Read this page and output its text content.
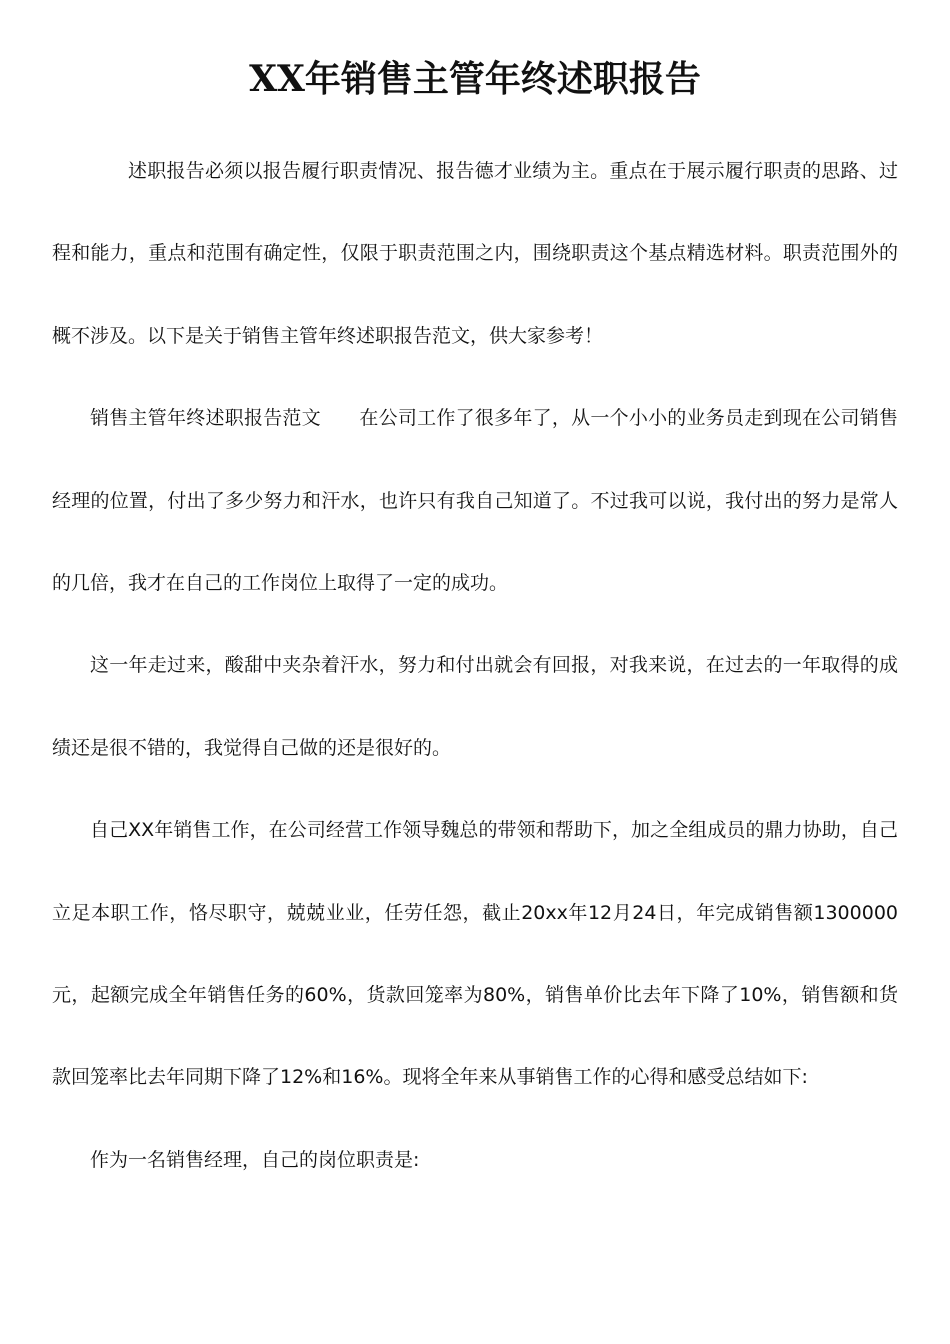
XX年销售主管年终述职报告

述职报告必须以报告履行职责情况、报告德才业绩为主。重点在于展示履行职责的思路、过程和能力，重点和范围有确定性，仅限于职责范围之内，围绕职责这个基点精选材料。职责范围外的概不涉及。以下是关于销售主管年终述职报告范文，供大家参考！

销售主管年终述职报告范文　　在公司工作了很多年了，从一个小小的业务员走到现在公司销售经理的位置，付出了多少努力和汗水，也许只有我自己知道了。不过我可以说，我付出的努力是常人的几倍，我才在自己的工作岗位上取得了一定的成功。

这一年走过来，酸甜中夹杂着汗水，努力和付出就会有回报，对我来说，在过去的一年取得的成绩还是很不错的，我觉得自己做的还是很好的。

自己XX年销售工作，在公司经营工作领导魏总的带领和帮助下，加之全组成员的鼎力协助，自己立足本职工作，恪尽职守，兢兢业业，任劳任怨，截止20xx年12月24日，年完成销售额1300000元，起额完成全年销售任务的60%，货款回笼率为80%，销售单价比去年下降了10%，销售额和货款回笼率比去年同期下降了12%和16%。现将全年来从事销售工作的心得和感受总结如下:

作为一名销售经理，自己的岗位职责是:
